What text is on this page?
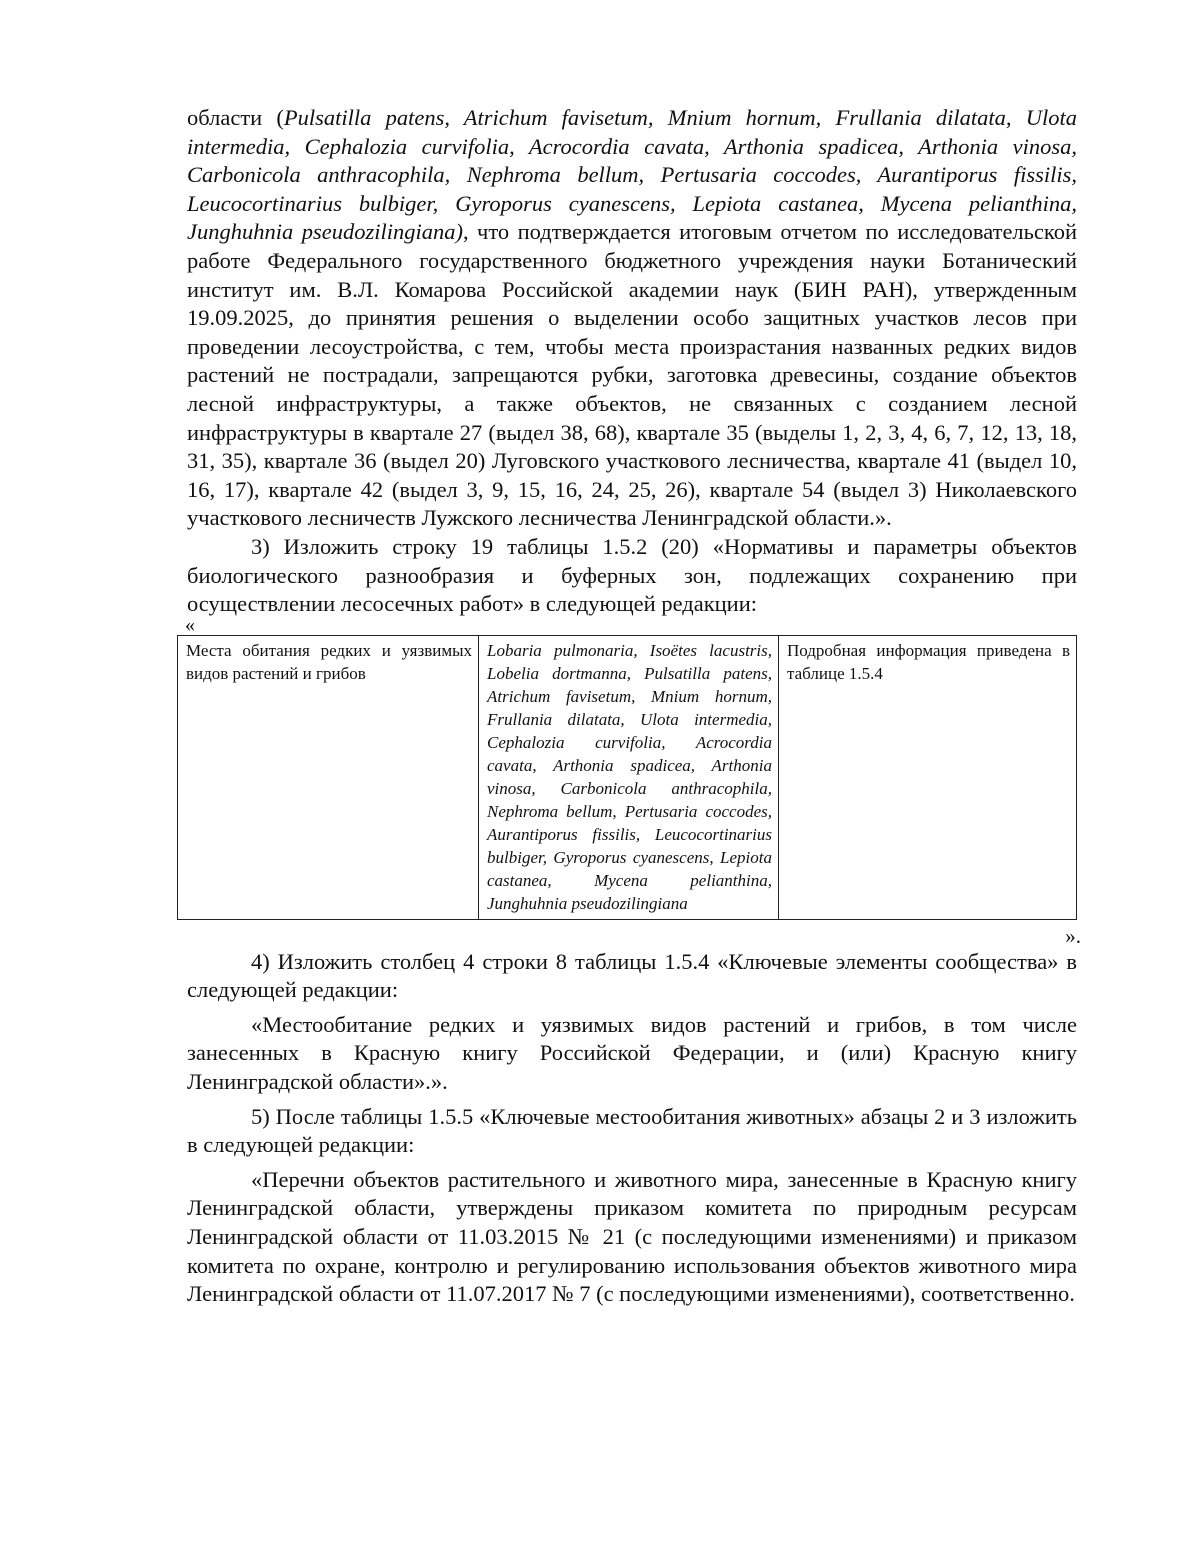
области (Pulsatilla patens, Atrichum favisetum, Mnium hornum, Frullania dilatata, Ulota intermedia, Cephalozia curvifolia, Acrocordia cavata, Arthonia spadicea, Arthonia vinosa, Carbonicola anthracophila, Nephroma bellum, Pertusaria coccodes, Aurantiporus fissilis, Leucocortinarius bulbiger, Gyroporus cyanescens, Lepiota castanea, Mycena pelianthina, Junghuhnia pseudozilingiana), что подтверждается итоговым отчетом по исследовательской работе Федерального государственного бюджетного учреждения науки Ботанический институт им. В.Л. Комарова Российской академии наук (БИН РАН), утвержденным 19.09.2025, до принятия решения о выделении особо защитных участков лесов при проведении лесоустройства, с тем, чтобы места произрастания названных редких видов растений не пострадали, запрещаются рубки, заготовка древесины, создание объектов лесной инфраструктуры, а также объектов, не связанных с созданием лесной инфраструктуры в квартале 27 (выдел 38, 68), квартале 35 (выделы 1, 2, 3, 4, 6, 7, 12, 13, 18, 31, 35), квартале 36 (выдел 20) Луговского участкового лесничества, квартале 41 (выдел 10, 16, 17), квартале 42 (выдел 3, 9, 15, 16, 24, 25, 26), квартале 54 (выдел 3) Николаевского участкового лесничеств Лужского лесничества Ленинградской области.».

3) Изложить строку 19 таблицы 1.5.2 (20) «Нормативы и параметры объектов биологического разнообразия и буферных зон, подлежащих сохранению при осуществлении лесосечных работ» в следующей редакции:

«
Места обитания редких и уязвимых видов растений и грибов	Lobaria pulmonaria, Isoëtes lacustris, Lobelia dortmanna, Pulsatilla patens, Atrichum favisetum, Mnium hornum, Frullania dilatata, Ulota intermedia, Cephalozia curvifolia, Acrocordia cavata, Arthonia spadicea, Arthonia vinosa, Carbonicola anthracophila, Nephroma bellum, Pertusaria coccodes, Aurantiporus fissilis, Leucocortinarius bulbiger, Gyroporus cyanescens, Lepiota castanea, Mycena pelianthina, Junghuhnia pseudozilingiana	Подробная информация приведена в таблице 1.5.4
».

4) Изложить столбец 4 строки 8 таблицы 1.5.4 «Ключевые элементы сообщества» в следующей редакции:

«Местообитание редких и уязвимых видов растений и грибов, в том числе занесенных в Красную книгу Российской Федерации, и (или) Красную книгу Ленинградской области».».

5) После таблицы 1.5.5 «Ключевые местообитания животных» абзацы 2 и 3 изложить в следующей редакции:

«Перечни объектов растительного и животного мира, занесенные в Красную книгу Ленинградской области, утверждены приказом комитета по природным ресурсам Ленинградской области от 11.03.2015 № 21 (с последующими изменениями) и приказом комитета по охране, контролю и регулированию использования объектов животного мира Ленинградской области от 11.07.2017 № 7 (с последующими изменениями), соответственно.
